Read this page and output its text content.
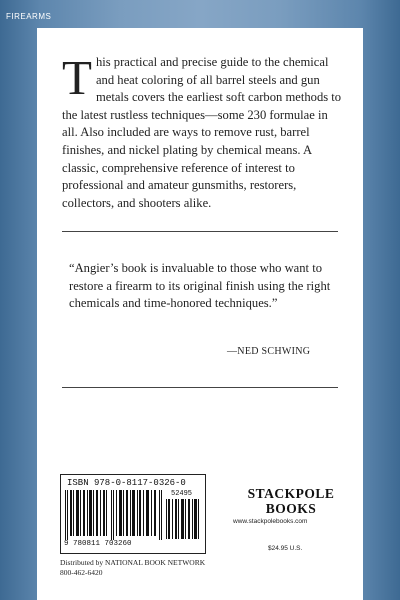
FIREARMS

This practical and precise guide to the chemical and heat coloring of all barrel steels and gun metals covers the earliest soft carbon methods to the latest rustless techniques—some 230 formulae in all. Also included are ways to remove rust, barrel finishes, and nickel plating by chemical means. A classic, comprehensive reference of interest to professional and amateur gunsmiths, restorers, collectors, and shooters alike.

“Angier’s book is invaluable to those who want to restore a firearm to its original finish using the right chemicals and time-honored techniques.”

—NED SCHWING
ISBN 978-0-8117-0326-0
52495
9 780811 703260
STACKPOLE
BOOKS
www.stackpolebooks.com
$24.95 U.S.
Distributed by NATIONAL BOOK NETWORK
800-462-6420
